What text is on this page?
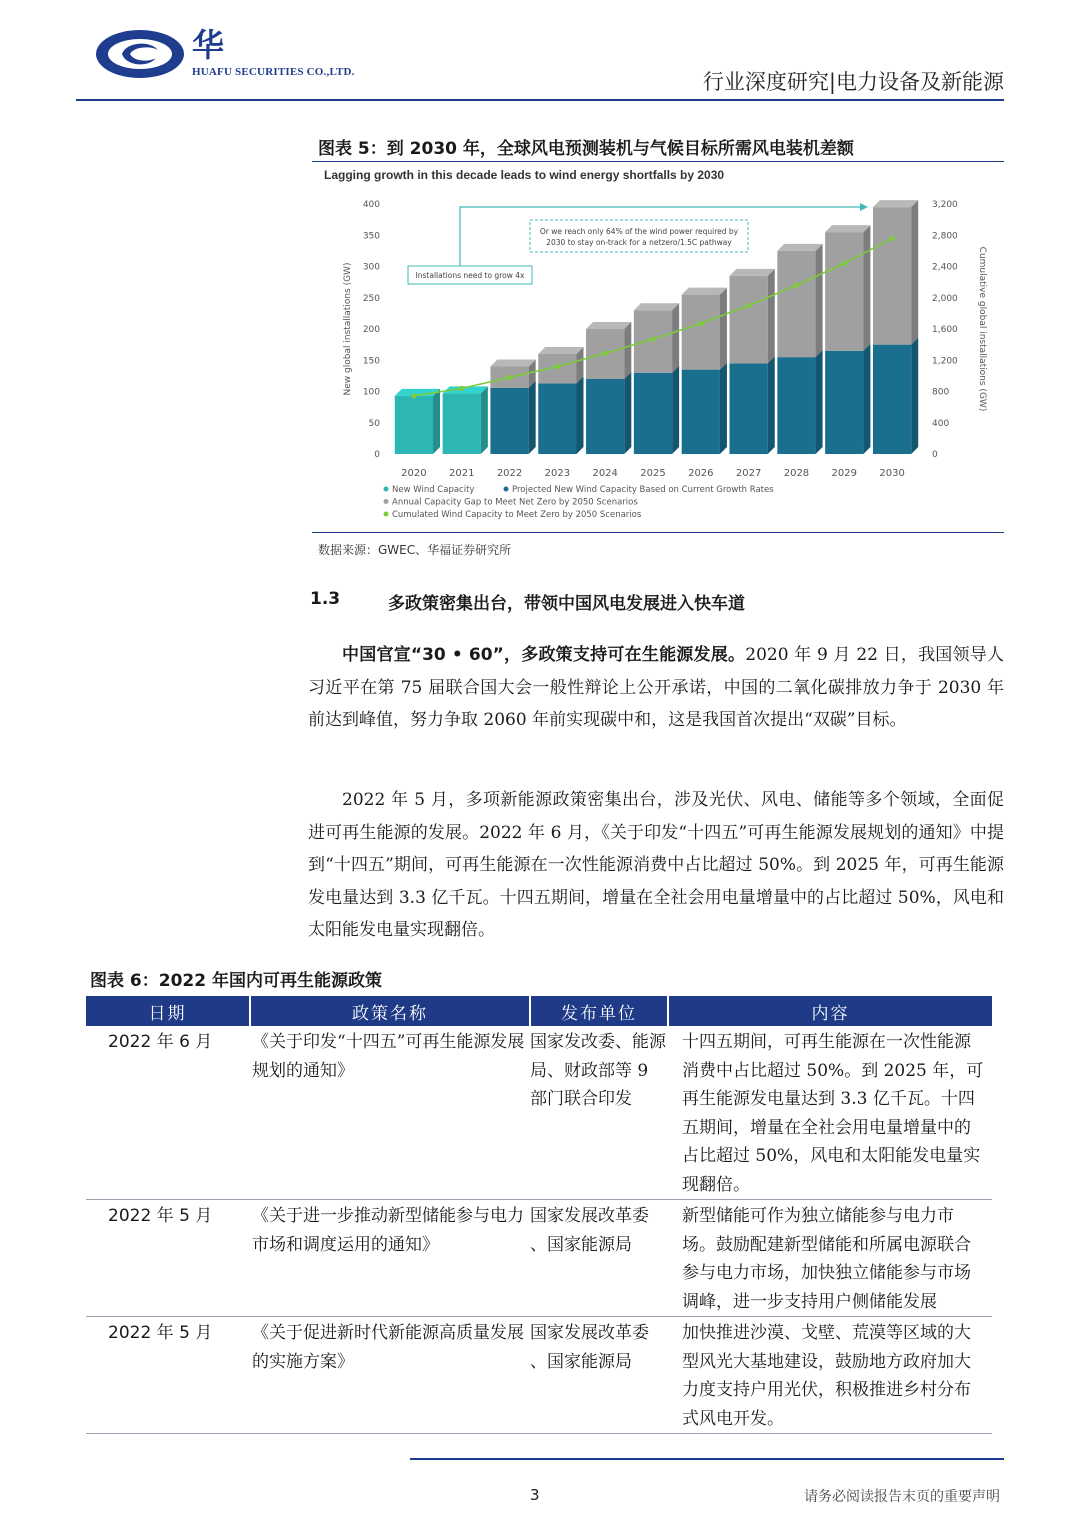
华
HUAFU SECURITIES CO.,LTD.	行业深度研究|电力设备及新能源
图表 5：到 2030 年，全球风电预测装机与气候目标所需风电装机差额
Lagging growth in this decade leads to wind energy shortfalls by 2030
0
50
100
150
200
250
300
350
400
0
400
800
1,200
1,600
2,000
2,400
2,800
3,200
New global installations (GW)	Cumulative global installations (GW)
2020 2021 2022 2023 2024 2025 2026 2027 2028 2029 2030
Installations need to grow 4x
Or we reach only 64% of the wind power required by
2030 to stay on-track for a netzero/1.5C pathway
New Wind Capacity	Projected New Wind Capacity Based on Current Growth Rates
Annual Capacity Gap to Meet Net Zero by 2050 Scenarios
Cumulated Wind Capacity to Meet Zero by 2050 Scenarios
数据来源：GWEC、华福证券研究所
1.3	多政策密集出台，带领中国风电发展进入快车道

中国官宣“30 • 60”，多政策支持可在生能源发展。2020 年 9 月 22 日，我国领导人习近平在第 75 届联合国大会一般性辩论上公开承诺，中国的二氧化碳排放力争于 2030 年前达到峰值，努力争取 2060 年前实现碳中和，这是我国首次提出“双碳”目标。

2022 年 5 月，多项新能源政策密集出台，涉及光伏、风电、储能等多个领域，全面促进可再生能源的发展。2022 年 6 月，《关于印发“十四五”可再生能源发展规划的通知》中提到“十四五”期间，可再生能源在一次性能源消费中占比超过 50%。到 2025 年，可再生能源发电量达到 3.3 亿千瓦。十四五期间，增量在全社会用电量增量中的占比超过 50%，风电和太阳能发电量实现翻倍。

图表 6：2022 年国内可再生能源政策
日期	政策名称	发布单位	内容
2022 年 6 月	《关于印发“十四五”可再生能源发展规划的通知》	国家发改委、能源局、财政部等 9 部门联合印发	十四五期间，可再生能源在一次性能源消费中占比超过 50%。到 2025 年，可再生能源发电量达到 3.3 亿千瓦。十四五期间，增量在全社会用电量增量中的占比超过 50%，风电和太阳能发电量实现翻倍。
2022 年 5 月	《关于进一步推动新型储能参与电力市场和调度运用的通知》	国家发展改革委 、国家能源局	新型储能可作为独立储能参与电力市场。鼓励配建新型储能和所属电源联合参与电力市场，加快独立储能参与市场调峰，进一步支持用户侧储能发展
2022 年 5 月	《关于促进新时代新能源高质量发展的实施方案》	国家发展改革委 、国家能源局	加快推进沙漠、戈壁、荒漠等区域的大型风光大基地建设，鼓励地方政府加大力度支持户用光伏，积极推进乡村分布式风电开发。
3	请务必阅读报告末页的重要声明
